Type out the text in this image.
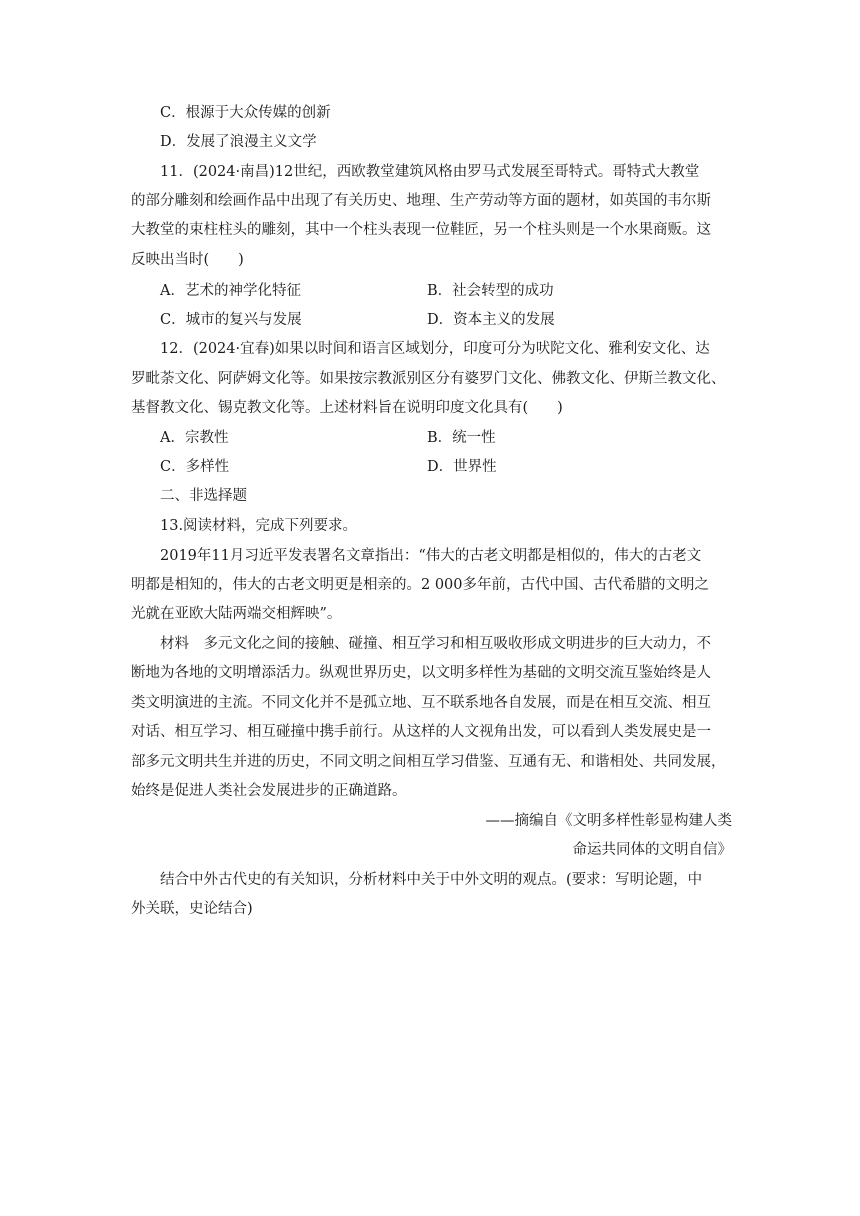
C．根源于大众传媒的创新
D．发展了浪漫主义文学
11．(2024·南昌)12世纪，西欧教堂建筑风格由罗马式发展至哥特式。哥特式大教堂
的部分雕刻和绘画作品中出现了有关历史、地理、生产劳动等方面的题材，如英国的韦尔斯
大教堂的束柱柱头的雕刻，其中一个柱头表现一位鞋匠，另一个柱头则是一个水果商贩。这
反映出当时(　　)
A．艺术的神学化特征	B．社会转型的成功
C．城市的复兴与发展	D．资本主义的发展
12．(2024·宜春)如果以时间和语言区域划分，印度可分为吠陀文化、雅利安文化、达
罗毗荼文化、阿萨姆文化等。如果按宗教派别区分有婆罗门文化、佛教文化、伊斯兰教文化、
基督教文化、锡克教文化等。上述材料旨在说明印度文化具有(　　)
A．宗教性	B．统一性
C．多样性	D．世界性
二、非选择题
13.阅读材料，完成下列要求。
2019年11月习近平发表署名文章指出：“伟大的古老文明都是相似的，伟大的古老文
明都是相知的，伟大的古老文明更是相亲的。2 000多年前，古代中国、古代希腊的文明之
光就在亚欧大陆两端交相辉映”。
材料　多元文化之间的接触、碰撞、相互学习和相互吸收形成文明进步的巨大动力，不
断地为各地的文明增添活力。纵观世界历史，以文明多样性为基础的文明交流互鉴始终是人
类文明演进的主流。不同文化并不是孤立地、互不联系地各自发展，而是在相互交流、相互
对话、相互学习、相互碰撞中携手前行。从这样的人文视角出发，可以看到人类发展史是一
部多元文明共生并进的历史，不同文明之间相互学习借鉴、互通有无、和谐相处、共同发展，
始终是促进人类社会发展进步的正确道路。
——摘编自《文明多样性彰显构建人类
命运共同体的文明自信》
结合中外古代史的有关知识，分析材料中关于中外文明的观点。(要求：写明论题，中
外关联，史论结合)
